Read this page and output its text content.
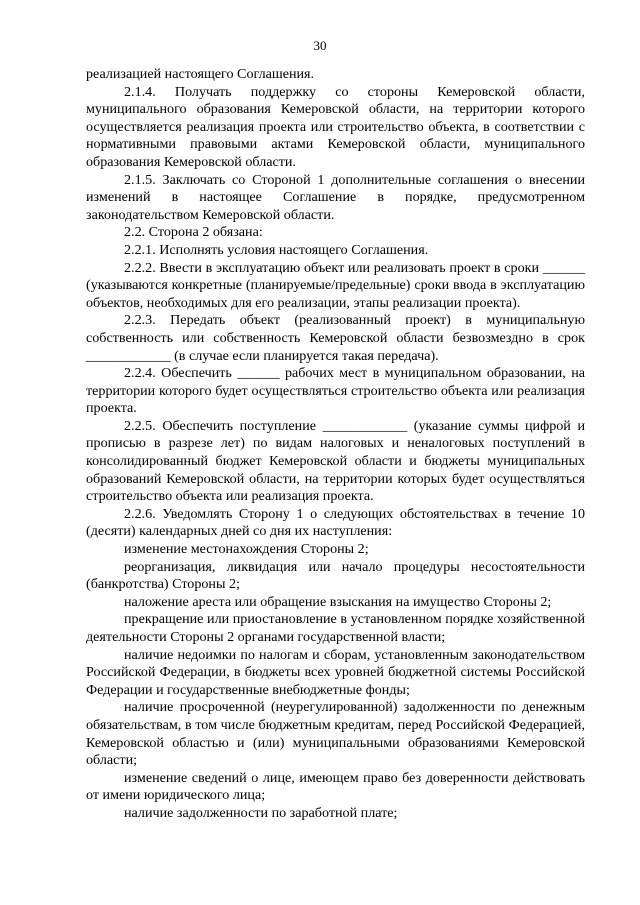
30

реализацией настоящего Соглашения.

2.1.4. Получать поддержку со стороны Кемеровской области, муниципального образования Кемеровской области, на территории которого осуществляется реализация проекта или строительство объекта, в соответствии с нормативными правовыми актами Кемеровской области, муниципального образования Кемеровской области.

2.1.5. Заключать со Стороной 1 дополнительные соглашения о внесении изменений в настоящее Соглашение в порядке, предусмотренном законодательством Кемеровской области.

2.2. Сторона 2 обязана:

2.2.1. Исполнять условия настоящего Соглашения.

2.2.2. Ввести в эксплуатацию объект или реализовать проект в сроки ______ (указываются конкретные (планируемые/предельные) сроки ввода в эксплуатацию объектов, необходимых для его реализации, этапы реализации проекта).

2.2.3. Передать объект (реализованный проект) в муниципальную собственность или собственность Кемеровской области безвозмездно в срок ____________ (в случае если планируется такая передача).

2.2.4. Обеспечить ______ рабочих мест в муниципальном образовании, на территории которого будет осуществляться строительство объекта или реализация проекта.

2.2.5. Обеспечить поступление ____________ (указание суммы цифрой и прописью в разрезе лет) по видам налоговых и неналоговых поступлений в консолидированный бюджет Кемеровской области и бюджеты муниципальных образований Кемеровской области, на территории которых будет осуществляться строительство объекта или реализация проекта.

2.2.6. Уведомлять Сторону 1 о следующих обстоятельствах в течение 10 (десяти) календарных дней со дня их наступления:

изменение местонахождения Стороны 2;

реорганизация, ликвидация или начало процедуры несостоятельности (банкротства) Стороны 2;

наложение ареста или обращение взыскания на имущество Стороны 2;

прекращение или приостановление в установленном порядке хозяйственной деятельности Стороны 2 органами государственной власти;

наличие недоимки по налогам и сборам, установленным законодательством Российской Федерации, в бюджеты всех уровней бюджетной системы Российской Федерации и государственные внебюджетные фонды;

наличие просроченной (неурегулированной) задолженности по денежным обязательствам, в том числе бюджетным кредитам, перед Российской Федерацией, Кемеровской областью и (или) муниципальными образованиями Кемеровской области;

изменение сведений о лице, имеющем право без доверенности действовать от имени юридического лица;

наличие задолженности по заработной плате;
